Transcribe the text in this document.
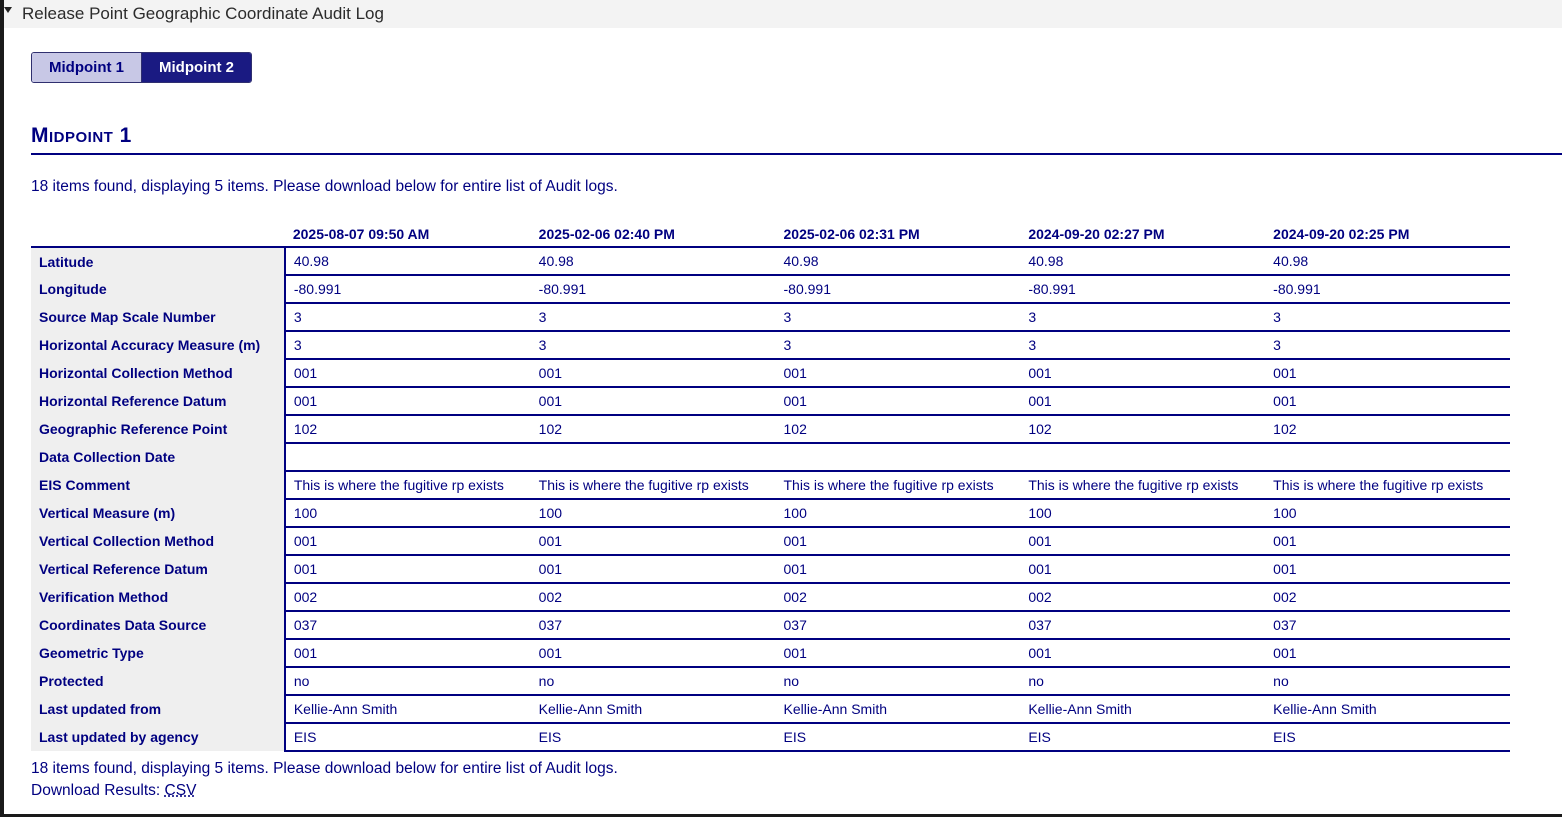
Release Point Geographic Coordinate Audit Log
Midpoint 1	Midpoint 2
Midpoint 1
18 items found, displaying 5 items. Please download below for entire list of Audit logs.
	2025-08-07 09:50 AM	2025-02-06 02:40 PM	2025-02-06 02:31 PM	2024-09-20 02:27 PM	2024-09-20 02:25 PM
Latitude	40.98	40.98	40.98	40.98	40.98
Longitude	-80.991	-80.991	-80.991	-80.991	-80.991
Source Map Scale Number	3	3	3	3	3
Horizontal Accuracy Measure (m)	3	3	3	3	3
Horizontal Collection Method	001	001	001	001	001
Horizontal Reference Datum	001	001	001	001	001
Geographic Reference Point	102	102	102	102	102
Data Collection Date					
EIS Comment	This is where the fugitive rp exists	This is where the fugitive rp exists	This is where the fugitive rp exists	This is where the fugitive rp exists	This is where the fugitive rp exists
Vertical Measure (m)	100	100	100	100	100
Vertical Collection Method	001	001	001	001	001
Vertical Reference Datum	001	001	001	001	001
Verification Method	002	002	002	002	002
Coordinates Data Source	037	037	037	037	037
Geometric Type	001	001	001	001	001
Protected	no	no	no	no	no
Last updated from	Kellie-Ann Smith	Kellie-Ann Smith	Kellie-Ann Smith	Kellie-Ann Smith	Kellie-Ann Smith
Last updated by agency	EIS	EIS	EIS	EIS	EIS
18 items found, displaying 5 items. Please download below for entire list of Audit logs.
Download Results: CSV
